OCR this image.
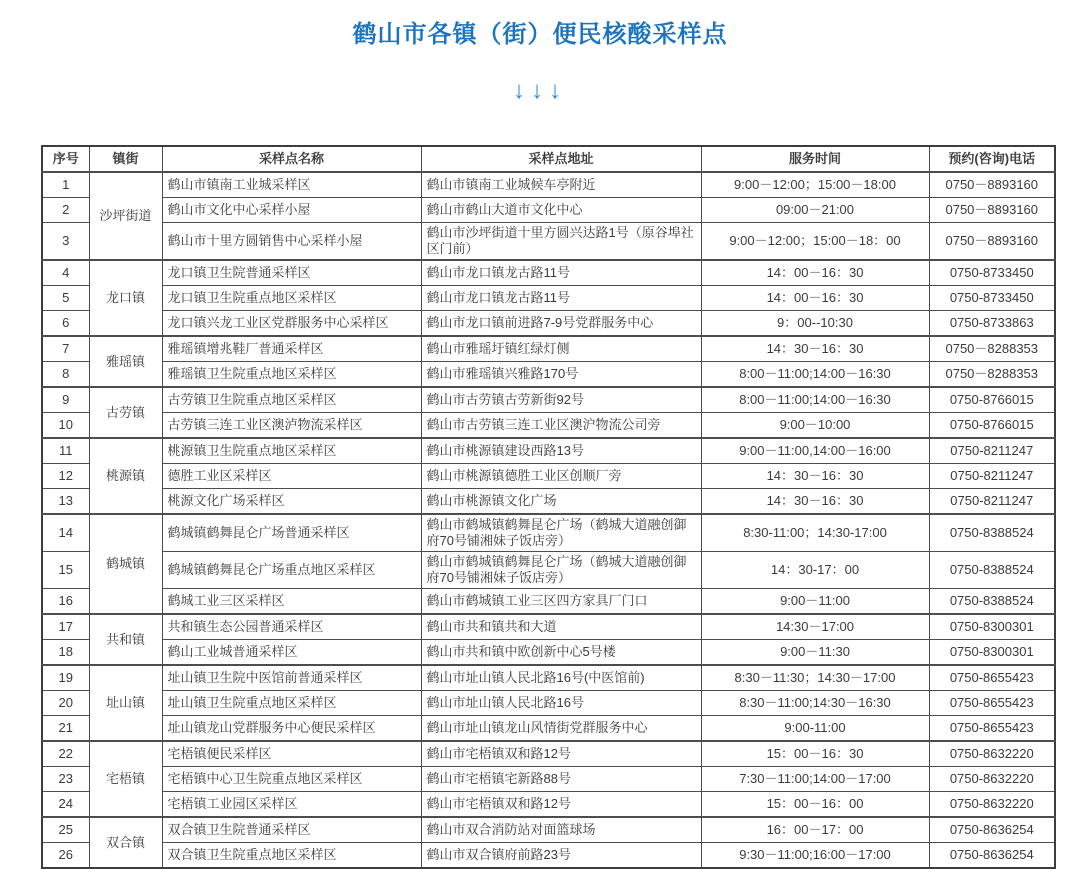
鹤山市各镇（街）便民核酸采样点
↓↓↓
序号	镇街	采样点名称	采样点地址	服务时间	预约(咨询)电话
1	沙坪街道	鹤山市镇南工业城采样区	鹤山市镇南工业城候车亭附近	9:00－12:00；15:00－18:00	0750－8893160
2		鹤山市文化中心采样小屋	鹤山市鹤山大道市文化中心	09:00－21:00	0750－8893160
3		鹤山市十里方圆销售中心采样小屋	鹤山市沙坪街道十里方圆兴达路1号（原谷埠社区门前）	9:00－12:00；15:00－18：00	0750－8893160
4	龙口镇	龙口镇卫生院普通采样区	鹤山市龙口镇龙古路11号	14：00－16：30	0750-8733450
5		龙口镇卫生院重点地区采样区	鹤山市龙口镇龙古路11号	14：00－16：30	0750-8733450
6		龙口镇兴龙工业区党群服务中心采样区	鹤山市龙口镇前进路7-9号党群服务中心	9：00--10:30	0750-8733863
7	雅瑶镇	雅瑶镇增兆鞋厂普通采样区	鹤山市雅瑶圩镇红绿灯侧	14：30－16：30	0750－8288353
8		雅瑶镇卫生院重点地区采样区	鹤山市雅瑶镇兴雅路170号	8:00－11:00;14:00－16:30	0750－8288353
9	古劳镇	古劳镇卫生院重点地区采样区	鹤山市古劳镇古劳新街92号	8:00－11:00;14:00－16:30	0750-8766015
10		古劳镇三连工业区澳泸物流采样区	鹤山市古劳镇三连工业区澳沪物流公司旁	9:00－10:00	0750-8766015
11	桃源镇	桃源镇卫生院重点地区采样区	鹤山市桃源镇建设西路13号	9:00－11:00,14:00－16:00	0750-8211247
12		德胜工业区采样区	鹤山市桃源镇德胜工业区创顺厂旁	14：30－16：30	0750-8211247
13		桃源文化广场采样区	鹤山市桃源镇文化广场	14：30－16：30	0750-8211247
14	鹤城镇	鹤城镇鹤舞昆仑广场普通采样区	鹤山市鹤城镇鹤舞昆仑广场（鹤城大道融创御府70号铺湘妹子饭店旁）	8:30-11:00；14:30-17:00	0750-8388524
15		鹤城镇鹤舞昆仑广场重点地区采样区	鹤山市鹤城镇鹤舞昆仑广场（鹤城大道融创御府70号铺湘妹子饭店旁）	14：30-17：00	0750-8388524
16		鹤城工业三区采样区	鹤山市鹤城镇工业三区四方家具厂门口	9:00－11:00	0750-8388524
17	共和镇	共和镇生态公园普通采样区	鹤山市共和镇共和大道	14:30－17:00	0750-8300301
18		鹤山工业城普通采样区	鹤山市共和镇中欧创新中心5号楼	9:00－11:30	0750-8300301
19	址山镇	址山镇卫生院中医馆前普通采样区	鹤山市址山镇人民北路16号(中医馆前)	8:30－11:30；14:30－17:00	0750-8655423
20		址山镇卫生院重点地区采样区	鹤山市址山镇人民北路16号	8:30－11:00;14:30－16:30	0750-8655423
21		址山镇龙山党群服务中心便民采样区	鹤山市址山镇龙山风情街党群服务中心	9:00-11:00	0750-8655423
22	宅梧镇	宅梧镇便民采样区	鹤山市宅梧镇双和路12号	15：00－16：30	0750-8632220
23		宅梧镇中心卫生院重点地区采样区	鹤山市宅梧镇宅新路88号	7:30－11:00;14:00－17:00	0750-8632220
24		宅梧镇工业园区采样区	鹤山市宅梧镇双和路12号	15：00－16：00	0750-8632220
25	双合镇	双合镇卫生院普通采样区	鹤山市双合消防站对面篮球场	16：00－17：00	0750-8636254
26		双合镇卫生院重点地区采样区	鹤山市双合镇府前路23号	9:30－11:00;16:00－17:00	0750-8636254
